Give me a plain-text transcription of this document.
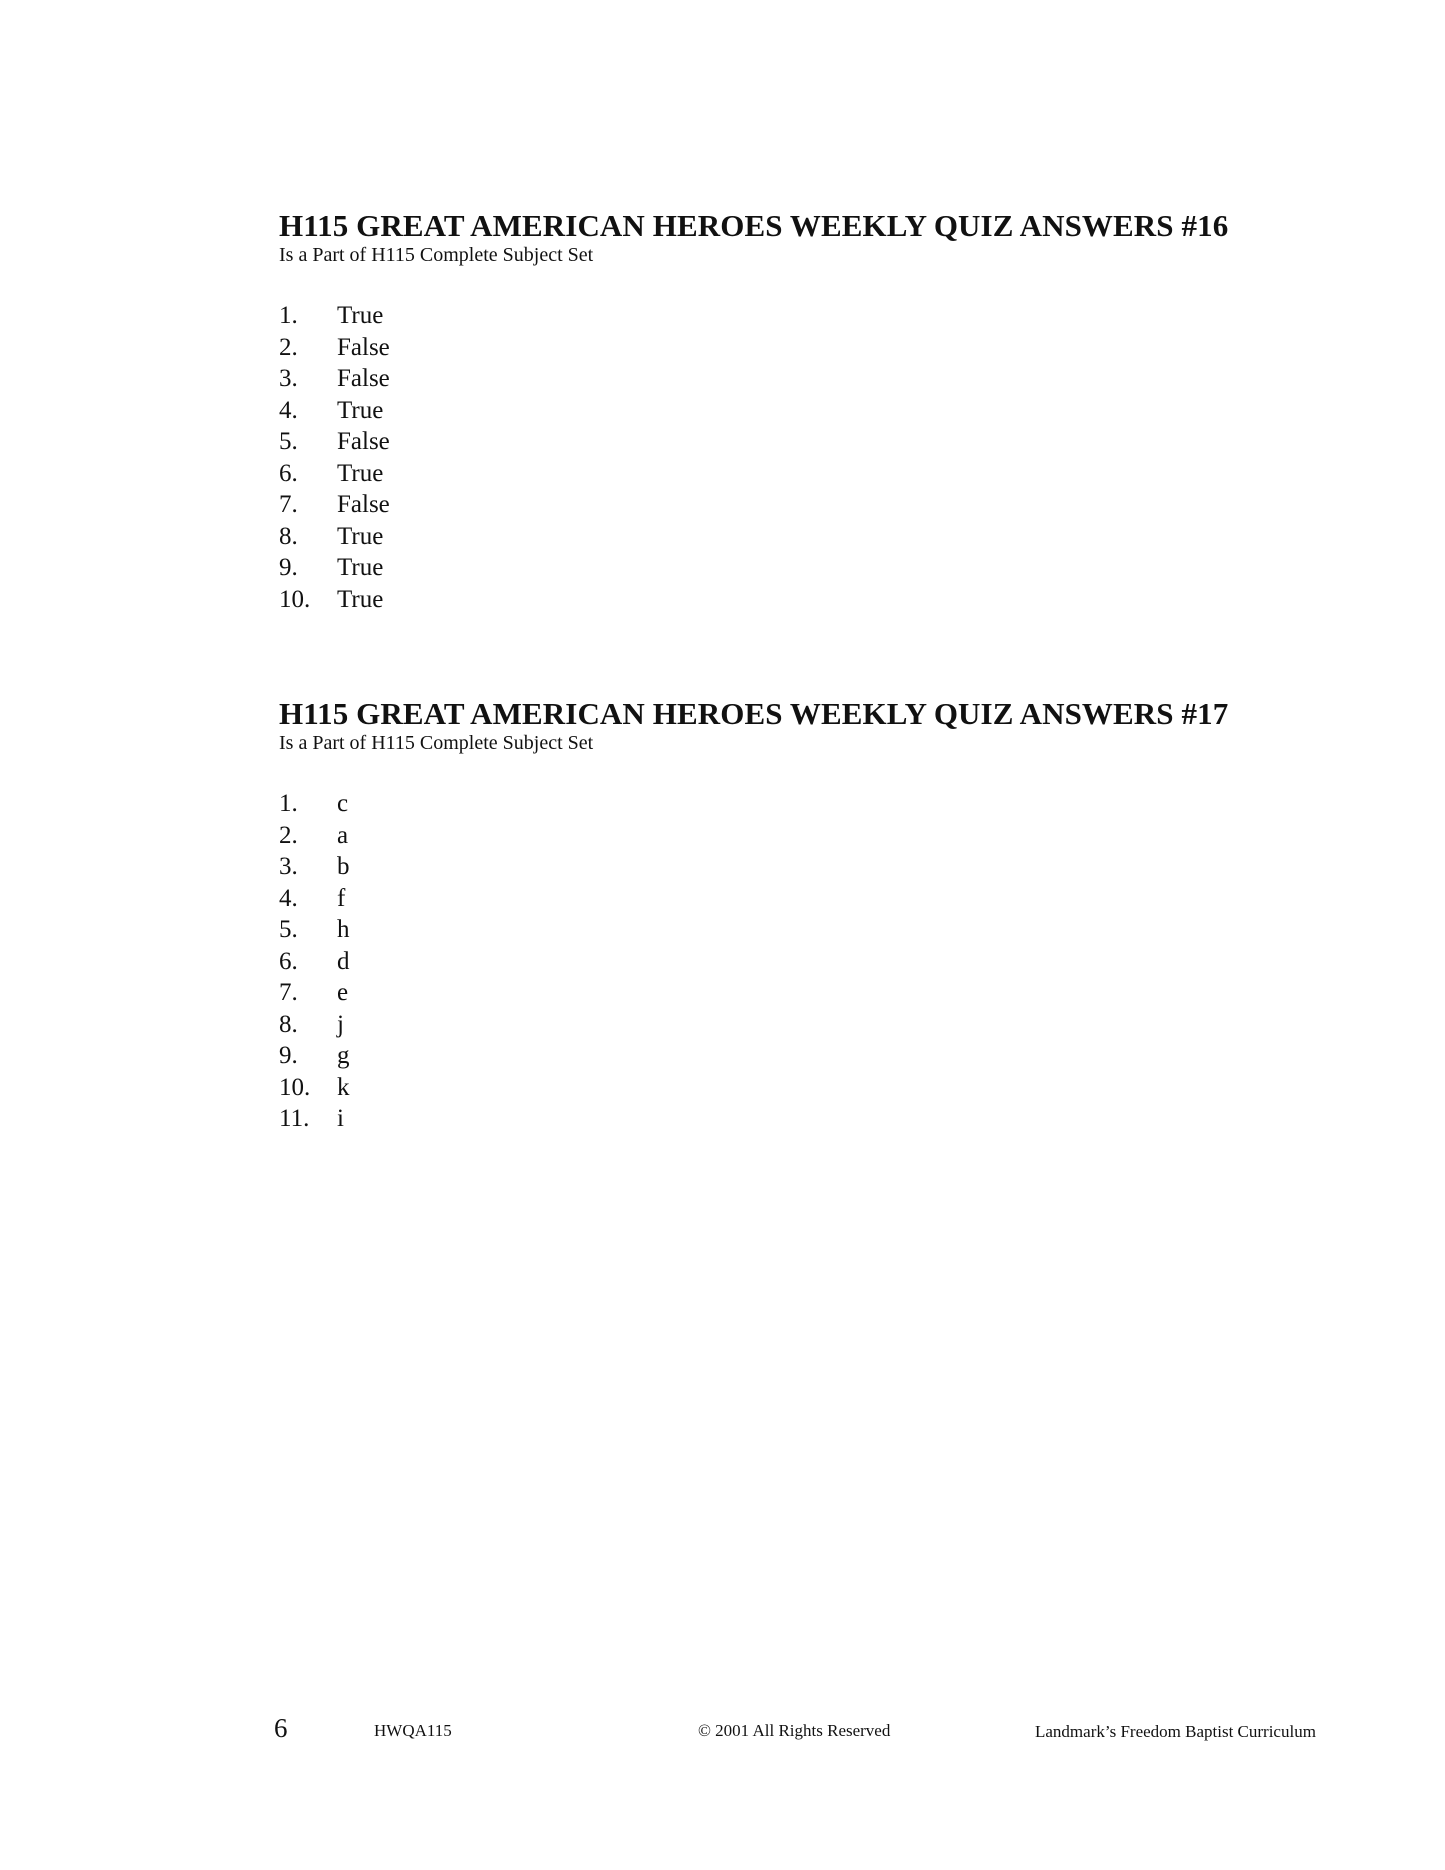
H115 GREAT AMERICAN HEROES WEEKLY QUIZ ANSWERS #16

Is a Part of H115 Complete Subject Set

1. True
2. False
3. False
4. True
5. False
6. True
7. False
8. True
9. True
10. True
H115 GREAT AMERICAN HEROES WEEKLY QUIZ ANSWERS #17

Is a Part of H115 Complete Subject Set

1. c
2. a
3. b
4. f
5. h
6. d
7. e
8. j
9. g
10. k
11. i
6	HWQA115	© 2001 All Rights Reserved	Landmark’s Freedom Baptist Curriculum
